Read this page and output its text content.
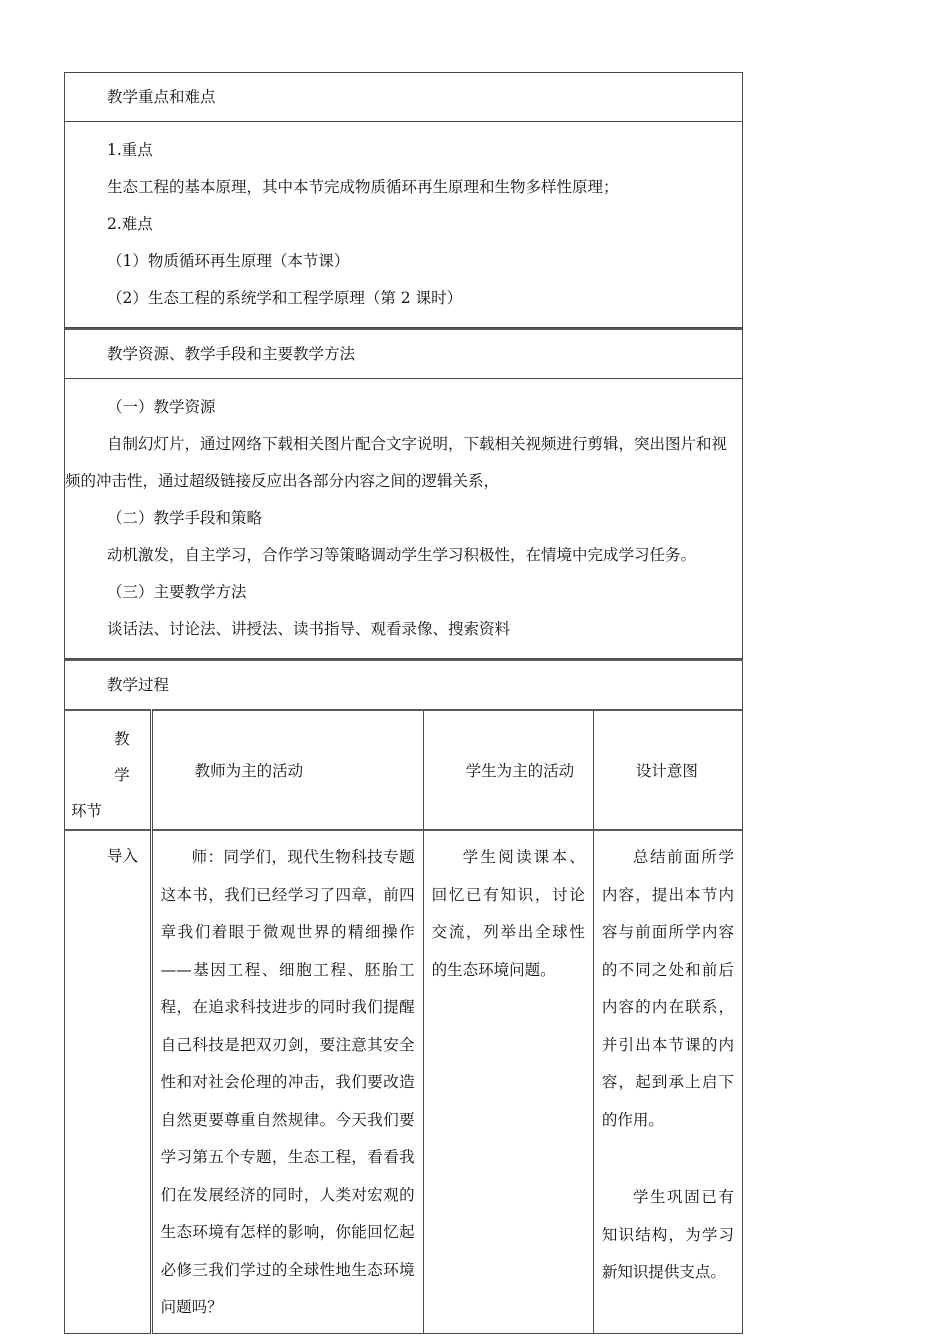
教学重点和难点
1.重点
生态工程的基本原理，其中本节完成物质循环再生原理和生物多样性原理；
2.难点
（1）物质循环再生原理（本节课）
（2）生态工程的系统学和工程学原理（第 2 课时）
教学资源、教学手段和主要教学方法
（一）教学资源
自制幻灯片，通过网络下载相关图片配合文字说明，下载相关视频进行剪辑，突出图片和视频的冲击性，通过超级链接反应出各部分内容之间的逻辑关系，
（二）教学手段和策略
动机激发，自主学习，合作学习等策略调动学生学习积极性，在情境中完成学习任务。
（三）主要教学方法
谈话法、讨论法、讲授法、读书指导、观看录像、搜索资料
教学过程
教 学
环节	教师为主的活动	学生为主的活动	设计意图

导入	师：同学们，现代生物科技专题这本书，我们已经学习了四章，前四章我们着眼于微观世界的精细操作——基因工程、细胞工程、胚胎工程，在追求科技进步的同时我们提醒自己科技是把双刃剑，要注意其安全性和对社会伦理的冲击，我们要改造自然更要尊重自然规律。今天我们要学习第五个专题，生态工程，看看我们在发展经济的同时，人类对宏观的生态环境有怎样的影响，你能回忆起必修三我们学过的全球性地生态环境问题吗？	学生阅读课本、回忆已有知识，讨论交流，列举出全球性的生态环境问题。	总结前面所学内容，提出本节内容与前面所学内容的不同之处和前后内容的内在联系，并引出本节课的内容，起到承上启下的作用。
学生巩固已有知识结构，为学习新知识提供支点。
